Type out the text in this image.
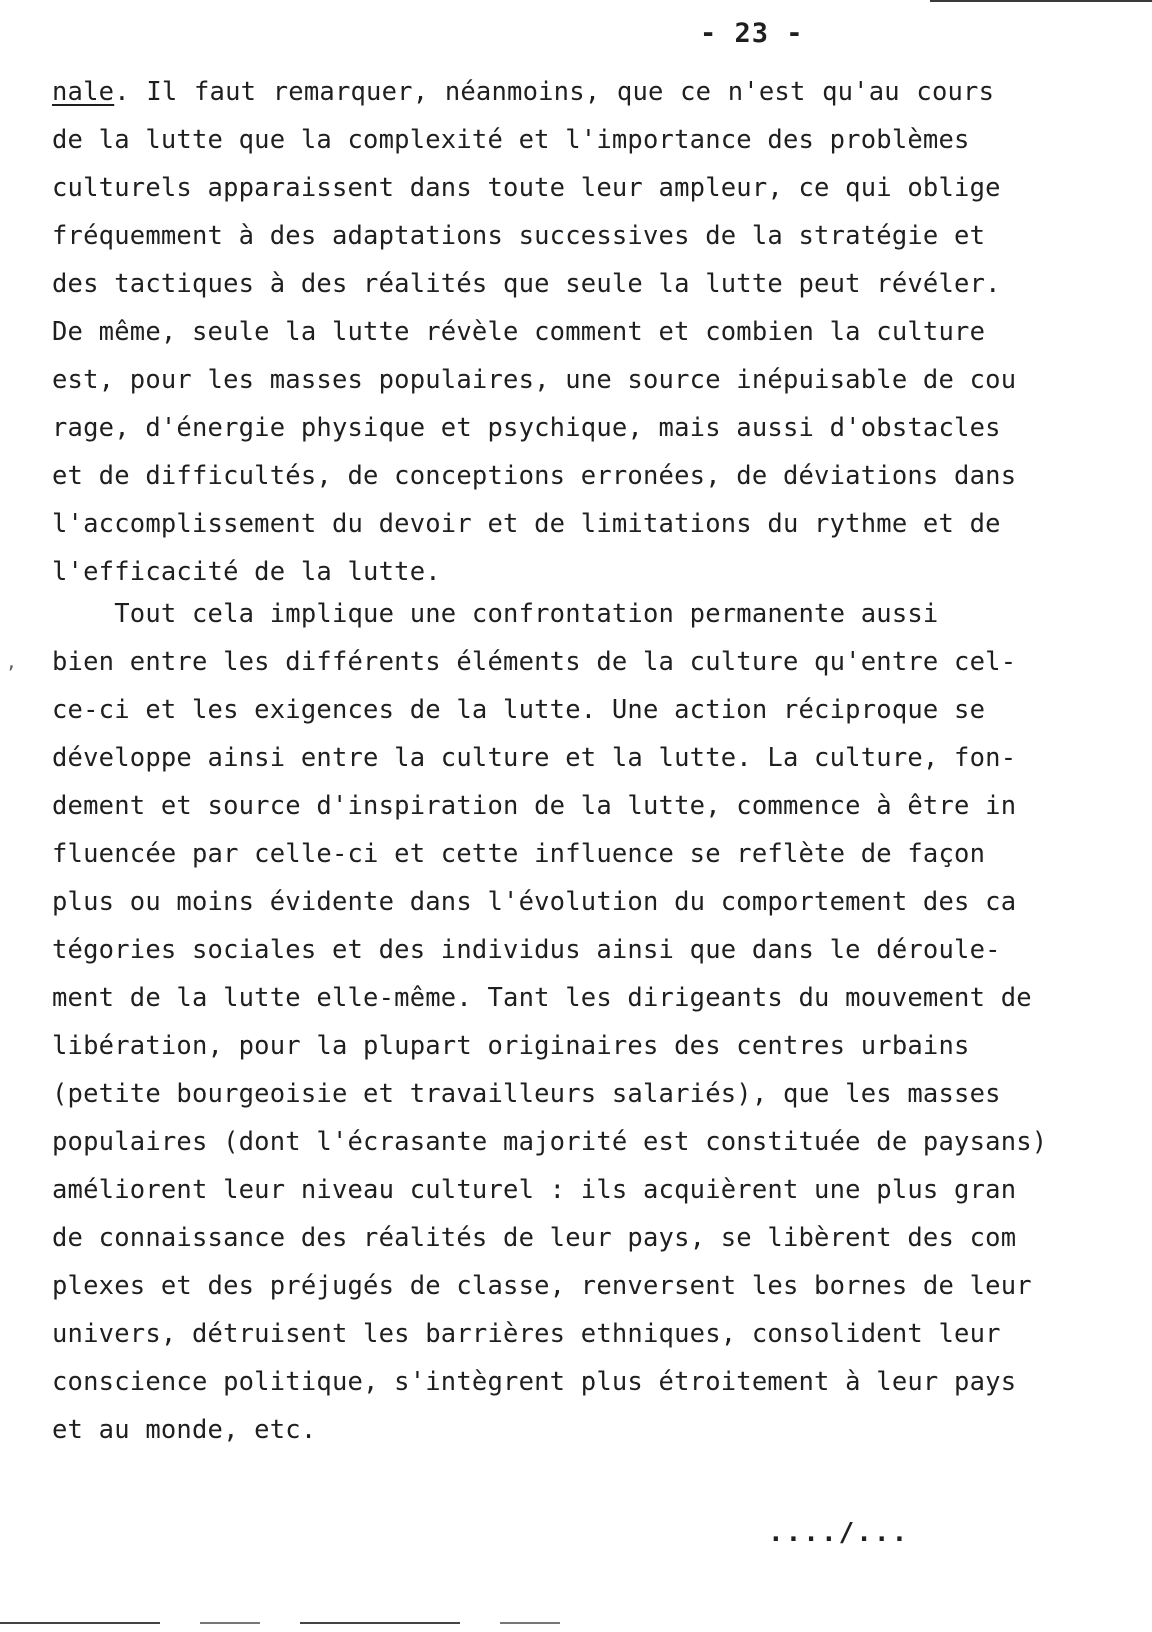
- 23 -
,
nale. Il faut remarquer, néanmoins, que ce n'est qu'au cours
de la lutte que la complexité et l'importance des problèmes
culturels apparaissent dans toute leur ampleur, ce qui oblige
fréquemment à des adaptations successives de la stratégie et
des tactiques à des réalités que seule la lutte peut révéler.
De même, seule la lutte révèle comment et combien la culture
est, pour les masses populaires, une source inépuisable de cou
rage, d'énergie physique et psychique, mais aussi d'obstacles
et de difficultés, de conceptions erronées, de déviations dans
l'accomplissement du devoir et de limitations du rythme et de
l'efficacité de la lutte.
Tout cela implique une confrontation permanente aussi
bien entre les différents éléments de la culture qu'entre cel-
ce-ci et les exigences de la lutte. Une action réciproque se
développe ainsi entre la culture et la lutte. La culture, fon-
dement et source d'inspiration de la lutte, commence à être in
fluencée par celle-ci et cette influence se reflète de façon
plus ou moins évidente dans l'évolution du comportement des ca
tégories sociales et des individus ainsi que dans le déroule-
ment de la lutte elle-même. Tant les dirigeants du mouvement de
libération, pour la plupart originaires des centres urbains
(petite bourgeoisie et travailleurs salariés), que les masses
populaires (dont l'écrasante majorité est constituée de paysans)
améliorent leur niveau culturel : ils acquièrent une plus gran
de connaissance des réalités de leur pays, se libèrent des com
plexes et des préjugés de classe, renversent les bornes de leur
univers, détruisent les barrières ethniques, consolident leur
conscience politique, s'intègrent plus étroitement à leur pays
et au monde, etc.
..../...
